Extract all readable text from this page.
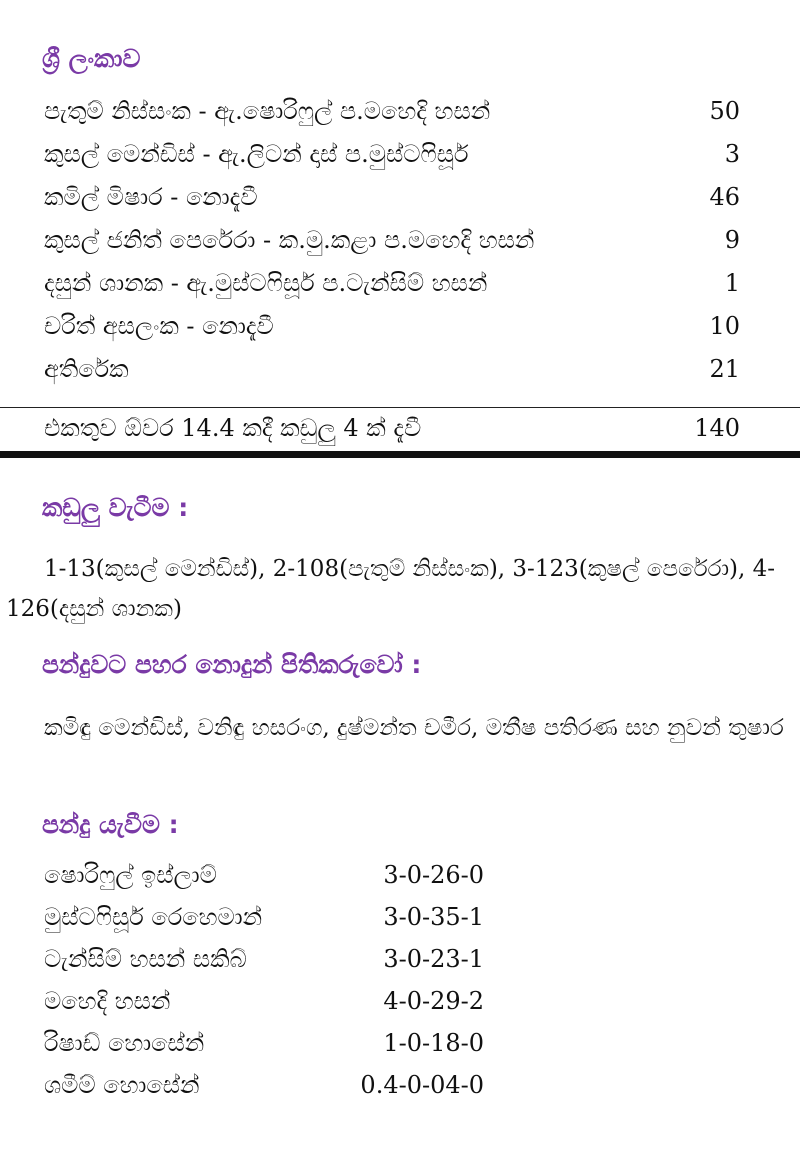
ශ්‍රී ලංකාව
පැතුම් නිස්සංක - ඇ.ෂොරිෆුල් ප.මහෙදි හසන්	50
කුසල් මෙන්ඩිස් - ඇ.ලිටන් දාස් ප.මුස්ටෆිසූර්	3
කමිල් මිෂාර - නොදැවී	46
කුසල් ජනිත් පෙරේරා - ක.මු.කළා ප.මහෙදි හසන්	9
දසුන් ශානක - ඇ.මුස්ටෆිසූර් ප.ටැන්සිම් හසන්	1
චරිත් අසලංක - නොදැවී	10
අතිරේක	21
එකතුව ඕවර 14.4 කදී කඩුලු 4 ක් දැවී	140
කඩුලු වැටීම :
1-13(කුසල් මෙන්ඩිස්), 2-108(පැතුම් නිස්සංක), 3-123(කුෂල් පෙරේරා), 4-126(දසුන් ශානක)
පන්දුවට පහර නොදුන් පිතිකරුවෝ :
කමිඳු මෙන්ඩිස්, වනිඳු හසරංග, දුෂ්මන්ත චමීර, මතීෂ පතිරණ සහ නුවන් තුෂාර
පන්දු යැවීම :
ෂොරිෆුල් ඉස්ලාම්	3-0-26-0
මුස්ටෆිසූර් රෙහෙමාන්	3-0-35-1
ටැන්සිම් හසන් සකිබ්	3-0-23-1
මහෙදි හසන්	4-0-29-2
රිෂාඩ් හොසේන්	1-0-18-0
ශමීම් හොසේන්	0.4-0-04-0
